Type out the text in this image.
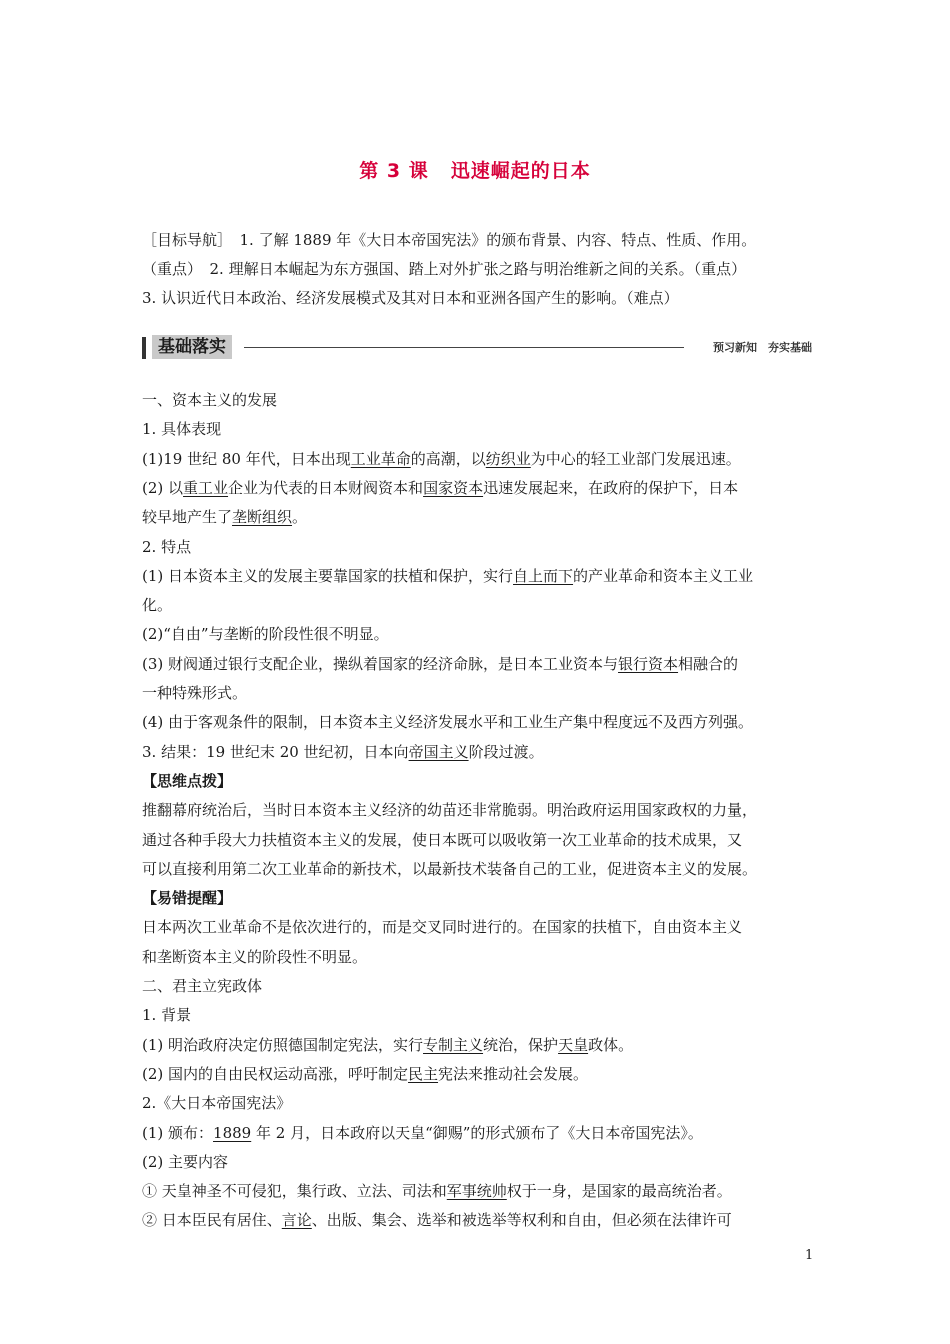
第 3 课 迅速崛起的日本
［目标导航］　1. 了解 1889 年《大日本帝国宪法》的颁布背景、内容、特点、性质、作用。
（重点）　2. 理解日本崛起为东方强国、踏上对外扩张之路与明治维新之间的关系。（重点）
3. 认识近代日本政治、经济发展模式及其对日本和亚洲各国产生的影响。（难点）
基础落实	预习新知　夯实基础
一、资本主义的发展
1. 具体表现
(1)19 世纪 80 年代，日本出现工业革命的高潮，以纺织业为中心的轻工业部门发展迅速。
(2) 以重工业企业为代表的日本财阀资本和国家资本迅速发展起来，在政府的保护下，日本
较早地产生了垄断组织。
2. 特点
(1) 日本资本主义的发展主要靠国家的扶植和保护，实行自上而下的产业革命和资本主义工业
化。
(2)“自由”与垄断的阶段性很不明显。
(3) 财阀通过银行支配企业，操纵着国家的经济命脉，是日本工业资本与银行资本相融合的
一种特殊形式。
(4) 由于客观条件的限制，日本资本主义经济发展水平和工业生产集中程度远不及西方列强。
3. 结果：19 世纪末 20 世纪初，日本向帝国主义阶段过渡。
【思维点拨】
推翻幕府统治后，当时日本资本主义经济的幼苗还非常脆弱。明治政府运用国家政权的力量，
通过各种手段大力扶植资本主义的发展，使日本既可以吸收第一次工业革命的技术成果，又
可以直接利用第二次工业革命的新技术，以最新技术装备自己的工业，促进资本主义的发展。
【易错提醒】
日本两次工业革命不是依次进行的，而是交叉同时进行的。在国家的扶植下，自由资本主义
和垄断资本主义的阶段性不明显。
二、君主立宪政体
1. 背景
(1) 明治政府决定仿照德国制定宪法，实行专制主义统治，保护天皇政体。
(2) 国内的自由民权运动高涨，呼吁制定民主宪法来推动社会发展。
2.《大日本帝国宪法》
(1) 颁布：1889 年 2 月，日本政府以天皇“御赐”的形式颁布了《大日本帝国宪法》。
(2) 主要内容
① 天皇神圣不可侵犯，集行政、立法、司法和军事统帅权于一身，是国家的最高统治者。
② 日本臣民有居住、言论、出版、集会、选举和被选举等权利和自由，但必须在法律许可
1
